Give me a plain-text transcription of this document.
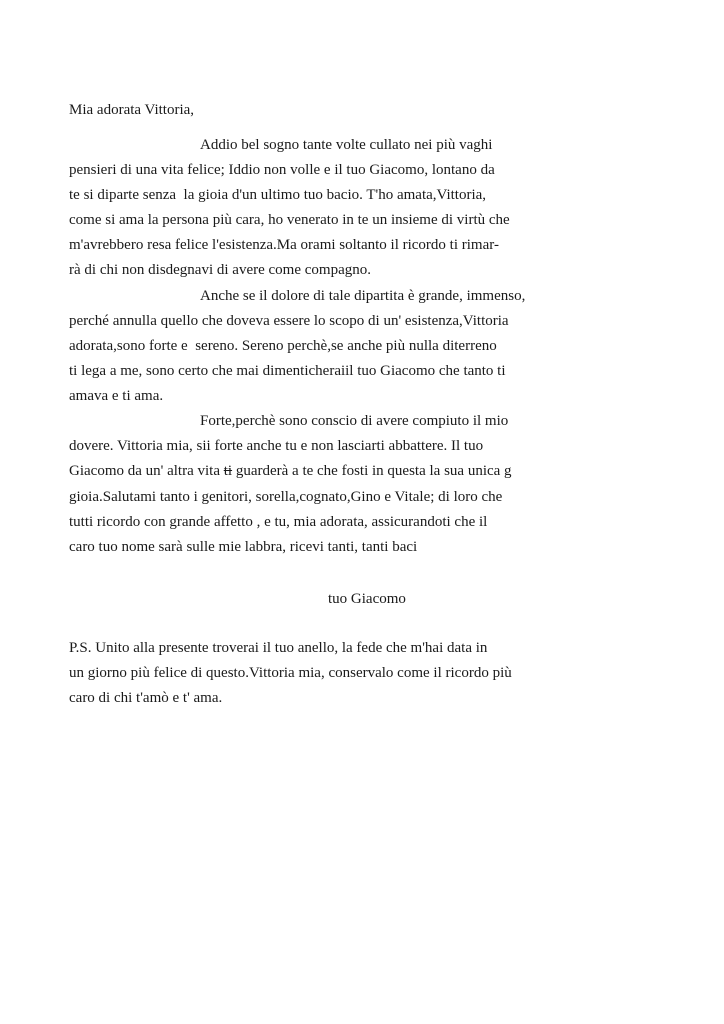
Mia adorata Vittoria,
Addio bel sogno tante volte cullato nei più vaghi
pensieri di una vita felice; Iddio non volle e il tuo Giacomo, lontano da
te si diparte senza  la gioia d'un ultimo tuo bacio. T'ho amata,Vittoria,
come si ama la persona più cara, ho venerato in te un insieme di virtù che
m'avrebbero resa felice l'esistenza.Ma orami soltanto il ricordo ti rimar-
rà di chi non disdegnavi di avere come compagno.
Anche se il dolore di tale dipartita è grande, immenso,
perché annulla quello che doveva essere lo scopo di un' esistenza,Vittoria
adorata,sono forte e  sereno. Sereno perchè,se anche più nulla diterreno
ti lega a me, sono certo che mai dimenticheraiil tuo Giacomo che tanto ti
amava e ti ama.
Forte,perchè sono conscio di avere compiuto il mio
dovere. Vittoria mia, sii forte anche tu e non lasciarti abbattere. Il tuo
Giacomo da un' altra vita ti guarderà a te che fosti in questa la sua unica g
gioia.Salutami tanto i genitori, sorella,cognato,Gino e Vitale; di loro che
tutti ricordo con grande affetto , e tu, mia adorata, assicurandoti che il
caro tuo nome sarà sulle mie labbra, ricevi tanti, tanti baci
tuo Giacomo
P.S. Unito alla presente troverai il tuo anello, la fede che m'hai data in
un giorno più felice di questo.Vittoria mia, conservalo come il ricordo più
caro di chi t'amò e t' ama.
